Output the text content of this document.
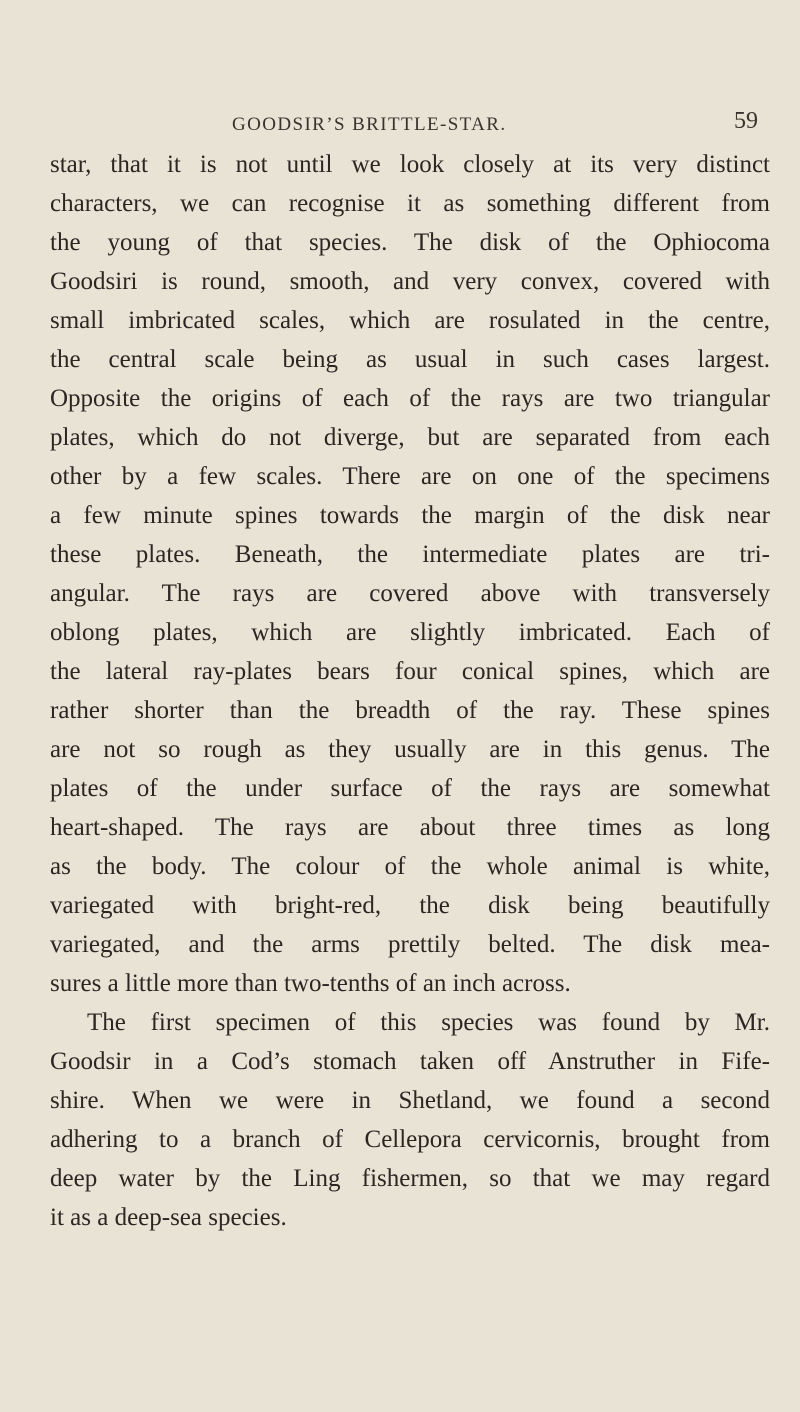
GOODSIR’S BRITTLE-STAR.	59
star, that it is not until we look closely at its very distinct
characters, we can recognise it as something different from
the young of that species. The disk of the Ophiocoma
Goodsiri is round, smooth, and very convex, covered with
small imbricated scales, which are rosulated in the centre,
the central scale being as usual in such cases largest.
Opposite the origins of each of the rays are two triangular
plates, which do not diverge, but are separated from each
other by a few scales. There are on one of the specimens
a few minute spines towards the margin of the disk near
these plates. Beneath, the intermediate plates are tri-
angular. The rays are covered above with transversely
oblong plates, which are slightly imbricated. Each of
the lateral ray-plates bears four conical spines, which are
rather shorter than the breadth of the ray. These spines
are not so rough as they usually are in this genus. The
plates of the under surface of the rays are somewhat
heart-shaped. The rays are about three times as long
as the body. The colour of the whole animal is white,
variegated with bright-red, the disk being beautifully
variegated, and the arms prettily belted. The disk mea-
sures a little more than two-tenths of an inch across.
The first specimen of this species was found by Mr.
Goodsir in a Cod’s stomach taken off Anstruther in Fife-
shire. When we were in Shetland, we found a second
adhering to a branch of Cellepora cervicornis, brought from
deep water by the Ling fishermen, so that we may regard
it as a deep-sea species.
